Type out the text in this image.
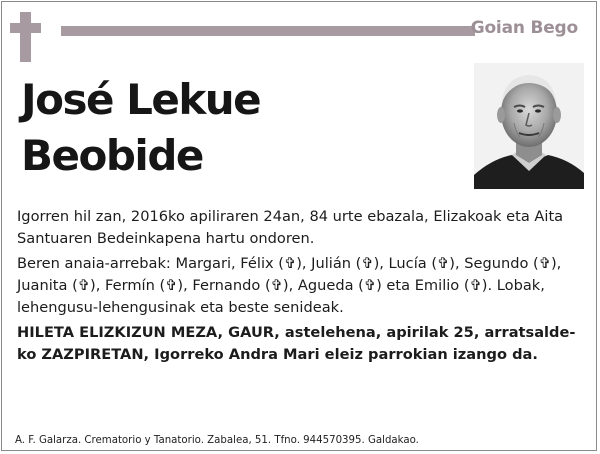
Goian Bego
José Lekue
Beobide

Igorren hil zan, 2016ko apiliraren 24an, 84 urte ebazala, Elizakoak eta Aita Santuaren Bedeinkapena hartu ondoren.

Beren anaia-arrebak: Margari, Félix (✞), Julián (✞), Lucía (✞), Segundo (✞), Juanita (✞), Fermín (✞), Fernando (✞), Agueda (✞) eta Emilio (✞). Lobak, lehengusu-lehengusinak eta beste senideak.

HILETA ELIZKIZUN MEZA, GAUR, astelehena, apirilak 25, arratsalde-ko ZAZPIRETAN, Igorreko Andra Mari eleiz parrokian izango da.

A. F. Galarza. Crematorio y Tanatorio. Zabalea, 51. Tfno. 944570395. Galdakao.
